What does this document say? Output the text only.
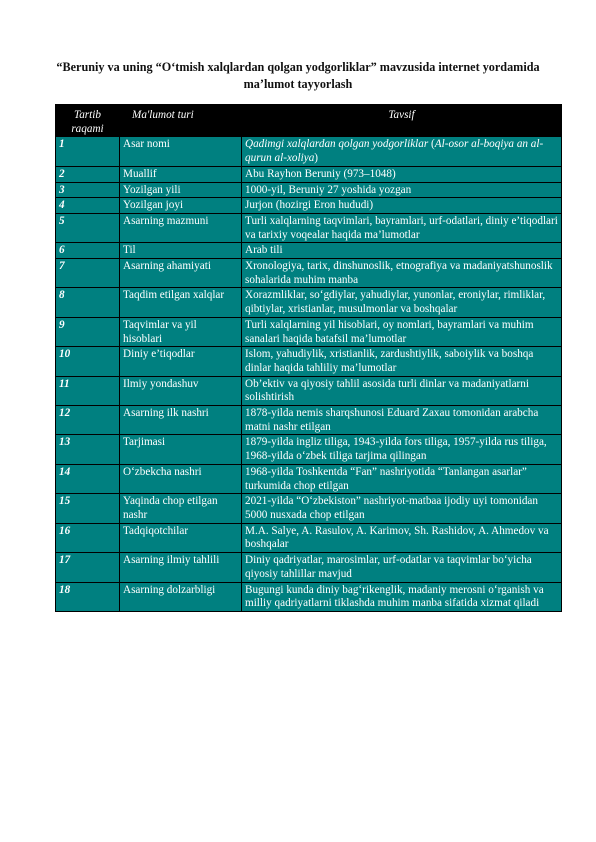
“Beruniy va uning “O‘tmish xalqlardan qolgan yodgorliklar” mavzusida internet yordamida ma’lumot tayyorlash
Tartib raqami	Ma'lumot turi	Tavsif
1	Asar nomi	Qadimgi xalqlardan qolgan yodgorliklar (Al-osor al-boqiya an al-qurun al-xoliya)
2	Muallif	Abu Rayhon Beruniy (973–1048)
3	Yozilgan yili	1000-yil, Beruniy 27 yoshida yozgan
4	Yozilgan joyi	Jurjon (hozirgi Eron hududi)
5	Asarning mazmuni	Turli xalqlarning taqvimlari, bayramlari, urf-odatlari, diniy e’tiqodlari va tarixiy voqealar haqida ma’lumotlar
6	Til	Arab tili
7	Asarning ahamiyati	Xronologiya, tarix, dinshunoslik, etnografiya va madaniyatshunoslik sohalarida muhim manba
8	Taqdim etilgan xalqlar	Xorazmliklar, so‘gdiylar, yahudiylar, yunonlar, eroniylar, rimliklar, qibtiylar, xristianlar, musulmonlar va boshqalar
9	Taqvimlar va yil hisoblari	Turli xalqlarning yil hisoblari, oy nomlari, bayramlari va muhim sanalari haqida batafsil ma’lumotlar
10	Diniy e’tiqodlar	Islom, yahudiylik, xristianlik, zardushtiylik, saboiylik va boshqa dinlar haqida tahliliy ma’lumotlar
11	Ilmiy yondashuv	Ob’ektiv va qiyosiy tahlil asosida turli dinlar va madaniyatlarni solishtirish
12	Asarning ilk nashri	1878-yilda nemis sharqshunosi Eduard Zaxau tomonidan arabcha matni nashr etilgan
13	Tarjimasi	1879-yilda ingliz tiliga, 1943-yilda fors tiliga, 1957-yilda rus tiliga, 1968-yilda o‘zbek tiliga tarjima qilingan
14	O‘zbekcha nashri	1968-yilda Toshkentda “Fan” nashriyotida “Tanlangan asarlar” turkumida chop etilgan
15	Yaqinda chop etilgan nashr	2021-yilda “O‘zbekiston” nashriyot-matbaa ijodiy uyi tomonidan 5000 nusxada chop etilgan
16	Tadqiqotchilar	M.A. Salye, A. Rasulov, A. Karimov, Sh. Rashidov, A. Ahmedov va boshqalar
17	Asarning ilmiy tahlili	Diniy qadriyatlar, marosimlar, urf-odatlar va taqvimlar bo‘yicha qiyosiy tahlillar mavjud
18	Asarning dolzarbligi	Bugungi kunda diniy bag‘rikenglik, madaniy merosni o‘rganish va milliy qadriyatlarni tiklashda muhim manba sifatida xizmat qiladi
